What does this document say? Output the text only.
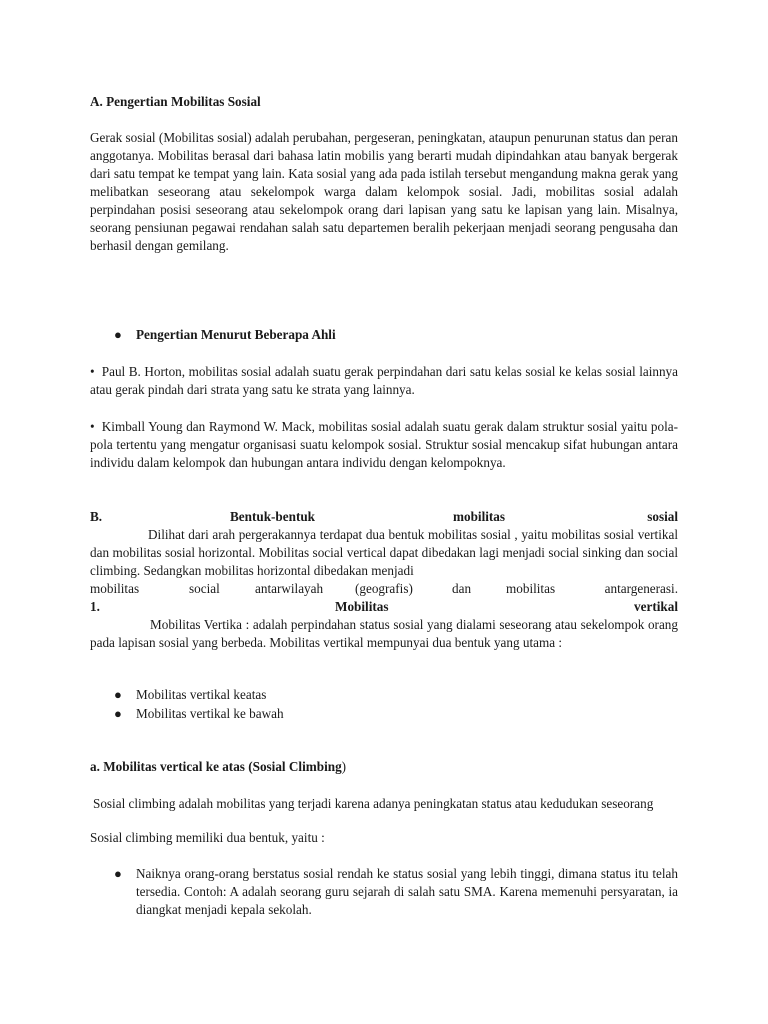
A. Pengertian Mobilitas Sosial

Gerak sosial (Mobilitas sosial) adalah perubahan, pergeseran, peningkatan, ataupun penurunan status dan peran anggotanya. Mobilitas berasal dari bahasa latin mobilis yang berarti mudah dipindahkan atau banyak bergerak dari satu tempat ke tempat yang lain. Kata sosial yang ada pada istilah tersebut mengandung makna gerak yang melibatkan seseorang atau sekelompok warga dalam kelompok sosial. Jadi, mobilitas sosial adalah perpindahan posisi seseorang atau sekelompok orang dari lapisan yang satu ke lapisan yang lain. Misalnya, seorang pensiunan pegawai rendahan salah satu departemen beralih pekerjaan menjadi seorang pengusaha dan berhasil dengan gemilang.

● Pengertian Menurut Beberapa Ahli
•  Paul B. Horton, mobilitas sosial adalah suatu gerak perpindahan dari satu kelas sosial ke kelas sosial lainnya atau gerak pindah dari strata yang satu ke strata yang lainnya.
•  Kimball Young dan Raymond W. Mack, mobilitas sosial adalah suatu gerak dalam struktur sosial yaitu pola-pola tertentu yang mengatur organisasi suatu kelompok sosial. Struktur sosial mencakup sifat hubungan antara individu dalam kelompok dan hubungan antara individu dengan kelompoknya.
B.	Bentuk-bentuk	mobilitas	sosial

Dilihat dari arah pergerakannya terdapat dua bentuk mobilitas sosial , yaitu mobilitas sosial vertikal dan mobilitas sosial horizontal. Mobilitas social vertical dapat dibedakan lagi menjadi social sinking dan social climbing. Sedangkan mobilitas horizontal dibedakan menjadi

mobilitas	social	antarwilayah (geografis)	dan	mobilitas	antargenerasi.
1.	Mobilitas	vertikal

Mobilitas Vertika : adalah perpindahan status sosial yang dialami seseorang atau sekelompok orang pada lapisan sosial yang berbeda. Mobilitas vertikal mempunyai dua bentuk yang utama :

● Mobilitas vertikal keatas
● Mobilitas vertikal ke bawah
a. Mobilitas vertical ke atas (Sosial Climbing)

Sosial climbing adalah mobilitas yang terjadi karena adanya peningkatan status atau kedudukan seseorang

Sosial climbing memiliki dua bentuk, yaitu :

● Naiknya orang-orang berstatus sosial rendah ke status sosial yang lebih tinggi, dimana status itu telah tersedia. Contoh: A adalah seorang guru sejarah di salah satu SMA. Karena memenuhi persyaratan, ia diangkat menjadi kepala sekolah.
